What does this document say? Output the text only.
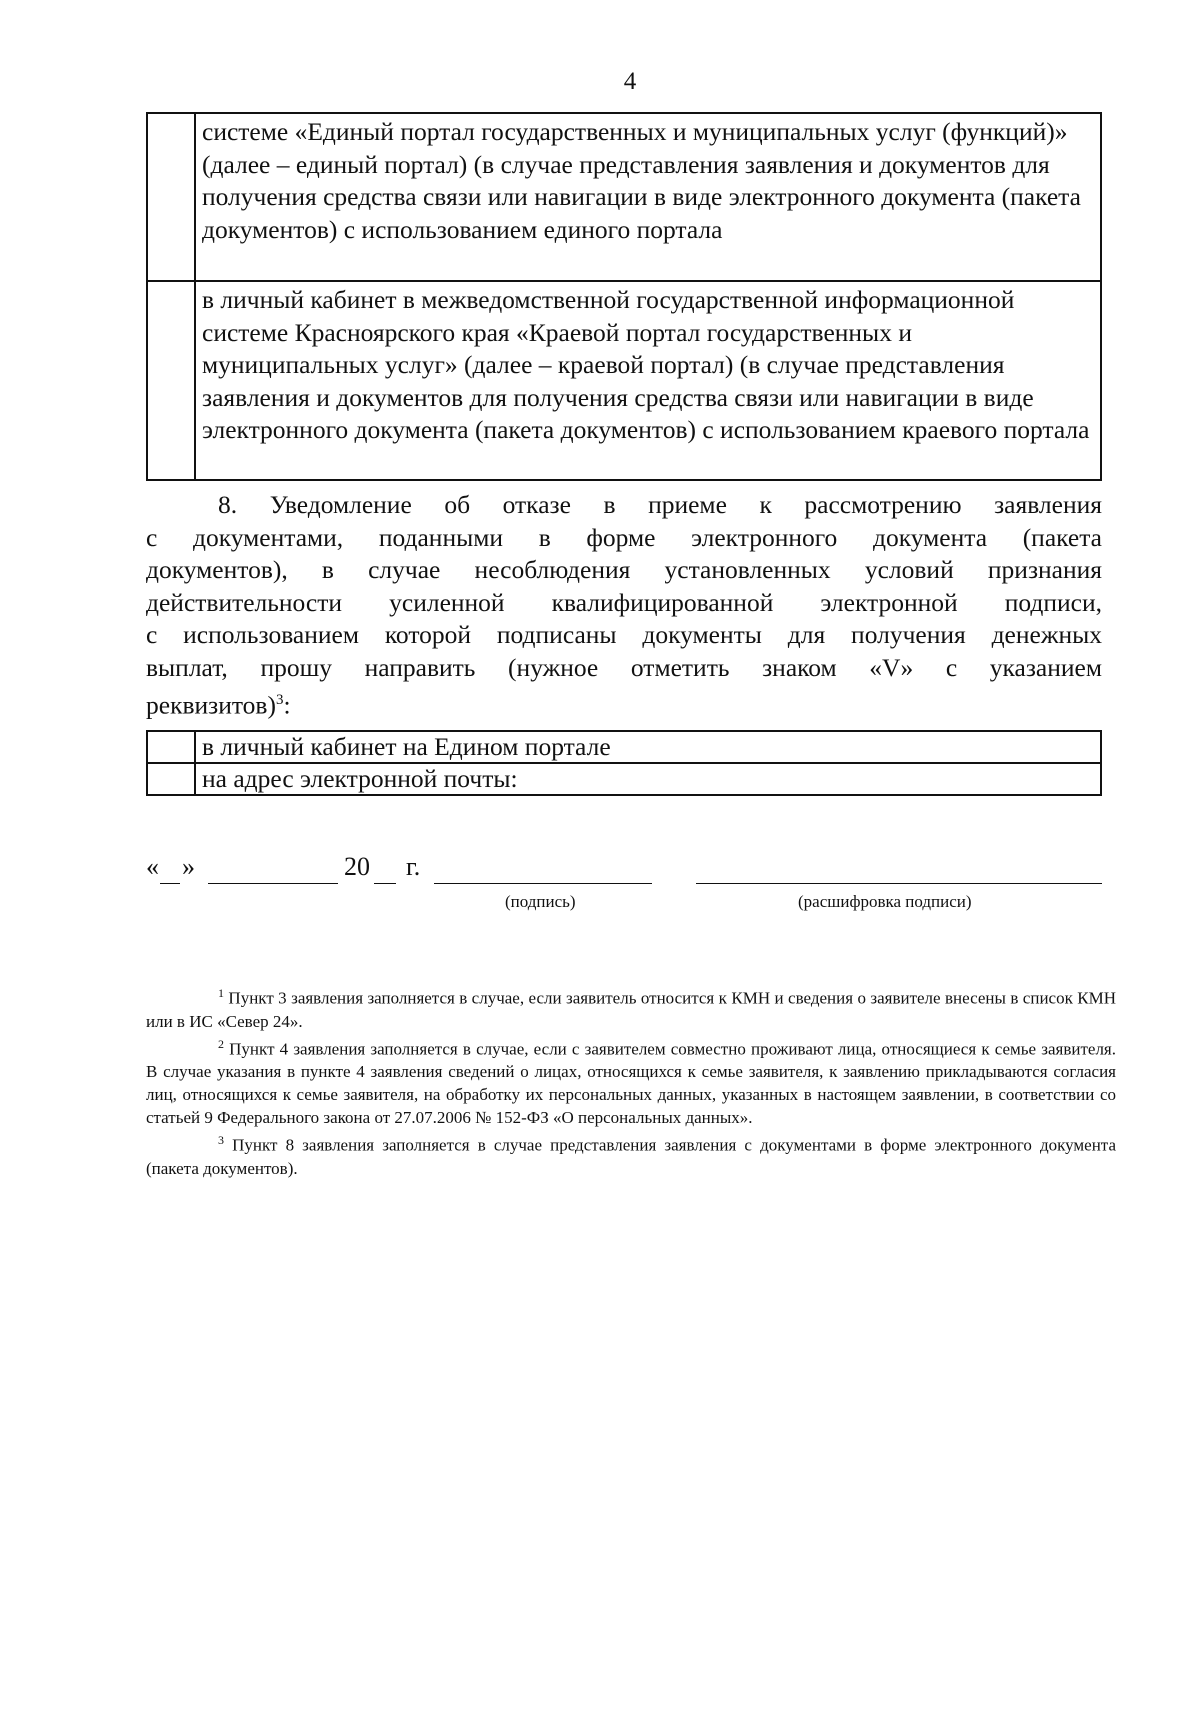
4
	системе «Единый портал государственных и муниципальных услуг (функций)» (далее – единый портал) (в случае представления заявления и документов для получения средства связи или навигации в виде электронного документа (пакета документов) с использованием единого портала
	в личный кабинет в межведомственной государственной информационной системе Красноярского края «Краевой портал государственных и муниципальных услуг» (далее – краевой портал) (в случае представления заявления и документов для получения средства связи или навигации в виде электронного документа (пакета документов) с использованием краевого портала
8. Уведомление об отказе в приеме к рассмотрению заявления
с документами, поданными в форме электронного документа (пакета
документов), в случае несоблюдения установленных условий признания
действительности усиленной квалифицированной электронной подписи,
с использованием которой подписаны документы для получения денежных
выплат, прошу направить (нужное отметить знаком «V» с указанием
реквизитов)$^3$:
	в личный кабинет на Едином портале
	на адрес электронной почты:
« »	20 г.
(подпись)	(расшифровка подписи)

$^1$ Пункт 3 заявления заполняется в случае, если заявитель относится к КМН и сведения о заявителе внесены в список КМН или в ИС «Север 24».

$^2$ Пункт 4 заявления заполняется в случае, если с заявителем совместно проживают лица, относящиеся к семье заявителя. В случае указания в пункте 4 заявления сведений о лицах, относящихся к семье заявителя, к заявлению прикладываются согласия лиц, относящихся к семье заявителя, на обработку их персональных данных, указанных в настоящем заявлении, в соответствии со статьей 9 Федерального закона от 27.07.2006 № 152-ФЗ «О персональных данных».

$^3$ Пункт 8 заявления заполняется в случае представления заявления с документами в форме электронного документа (пакета документов).
